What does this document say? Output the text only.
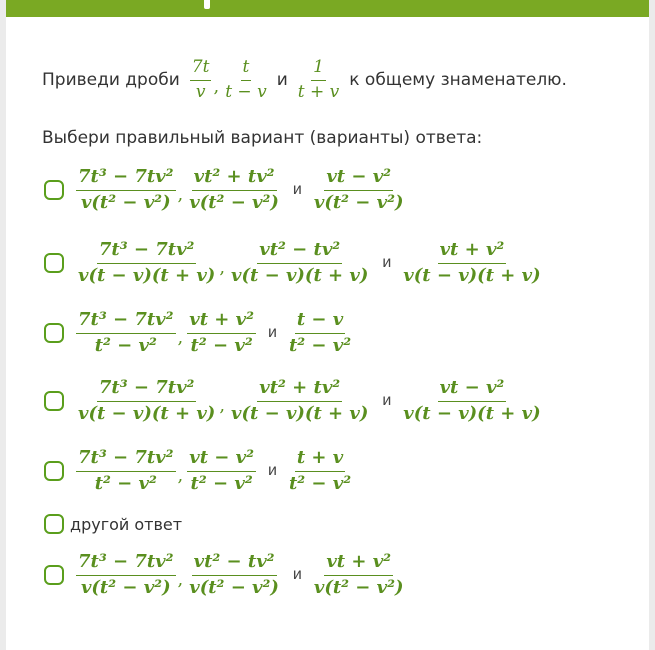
Приведи дроби $\frac{7t}{v}$ , $\frac{t}{t - v}$ и $\frac{1}{t + v}$ к общему знаменателю.
Выбери правильный вариант (варианты) ответа:
$\frac{\text{7t³ − 7tv²}}{\text{v(t² − v²)}}$ , $\frac{\text{vt² + tv²}}{\text{v(t² − v²)}}$ и $\frac{\text{vt − v²}}{\text{v(t² − v²)}}$
$\frac{\text{7t³ − 7tv²}}{v(t - v)(t + v)}$ , $\frac{\text{vt² − tv²}}{v(t - v)(t + v)}$ и $\frac{\text{vt + v²}}{v(t - v)(t + v)}$
$\frac{\text{7t³ − 7tv²}}{\text{t² − v²}}$ , $\frac{\text{vt + v²}}{\text{t² − v²}}$ и $\frac{t - v}{\text{t² − v²}}$
$\frac{\text{7t³ − 7tv²}}{v(t - v)(t + v)}$ , $\frac{\text{vt² + tv²}}{v(t - v)(t + v)}$ и $\frac{\text{vt − v²}}{v(t - v)(t + v)}$
$\frac{\text{7t³ − 7tv²}}{\text{t² − v²}}$ , $\frac{\text{vt − v²}}{\text{t² − v²}}$ и $\frac{t + v}{\text{t² − v²}}$
другой ответ
$\frac{\text{7t³ − 7tv²}}{\text{v(t² − v²)}}$ , $\frac{\text{vt² − tv²}}{\text{v(t² − v²)}}$ и $\frac{\text{vt + v²}}{\text{v(t² − v²)}}$
